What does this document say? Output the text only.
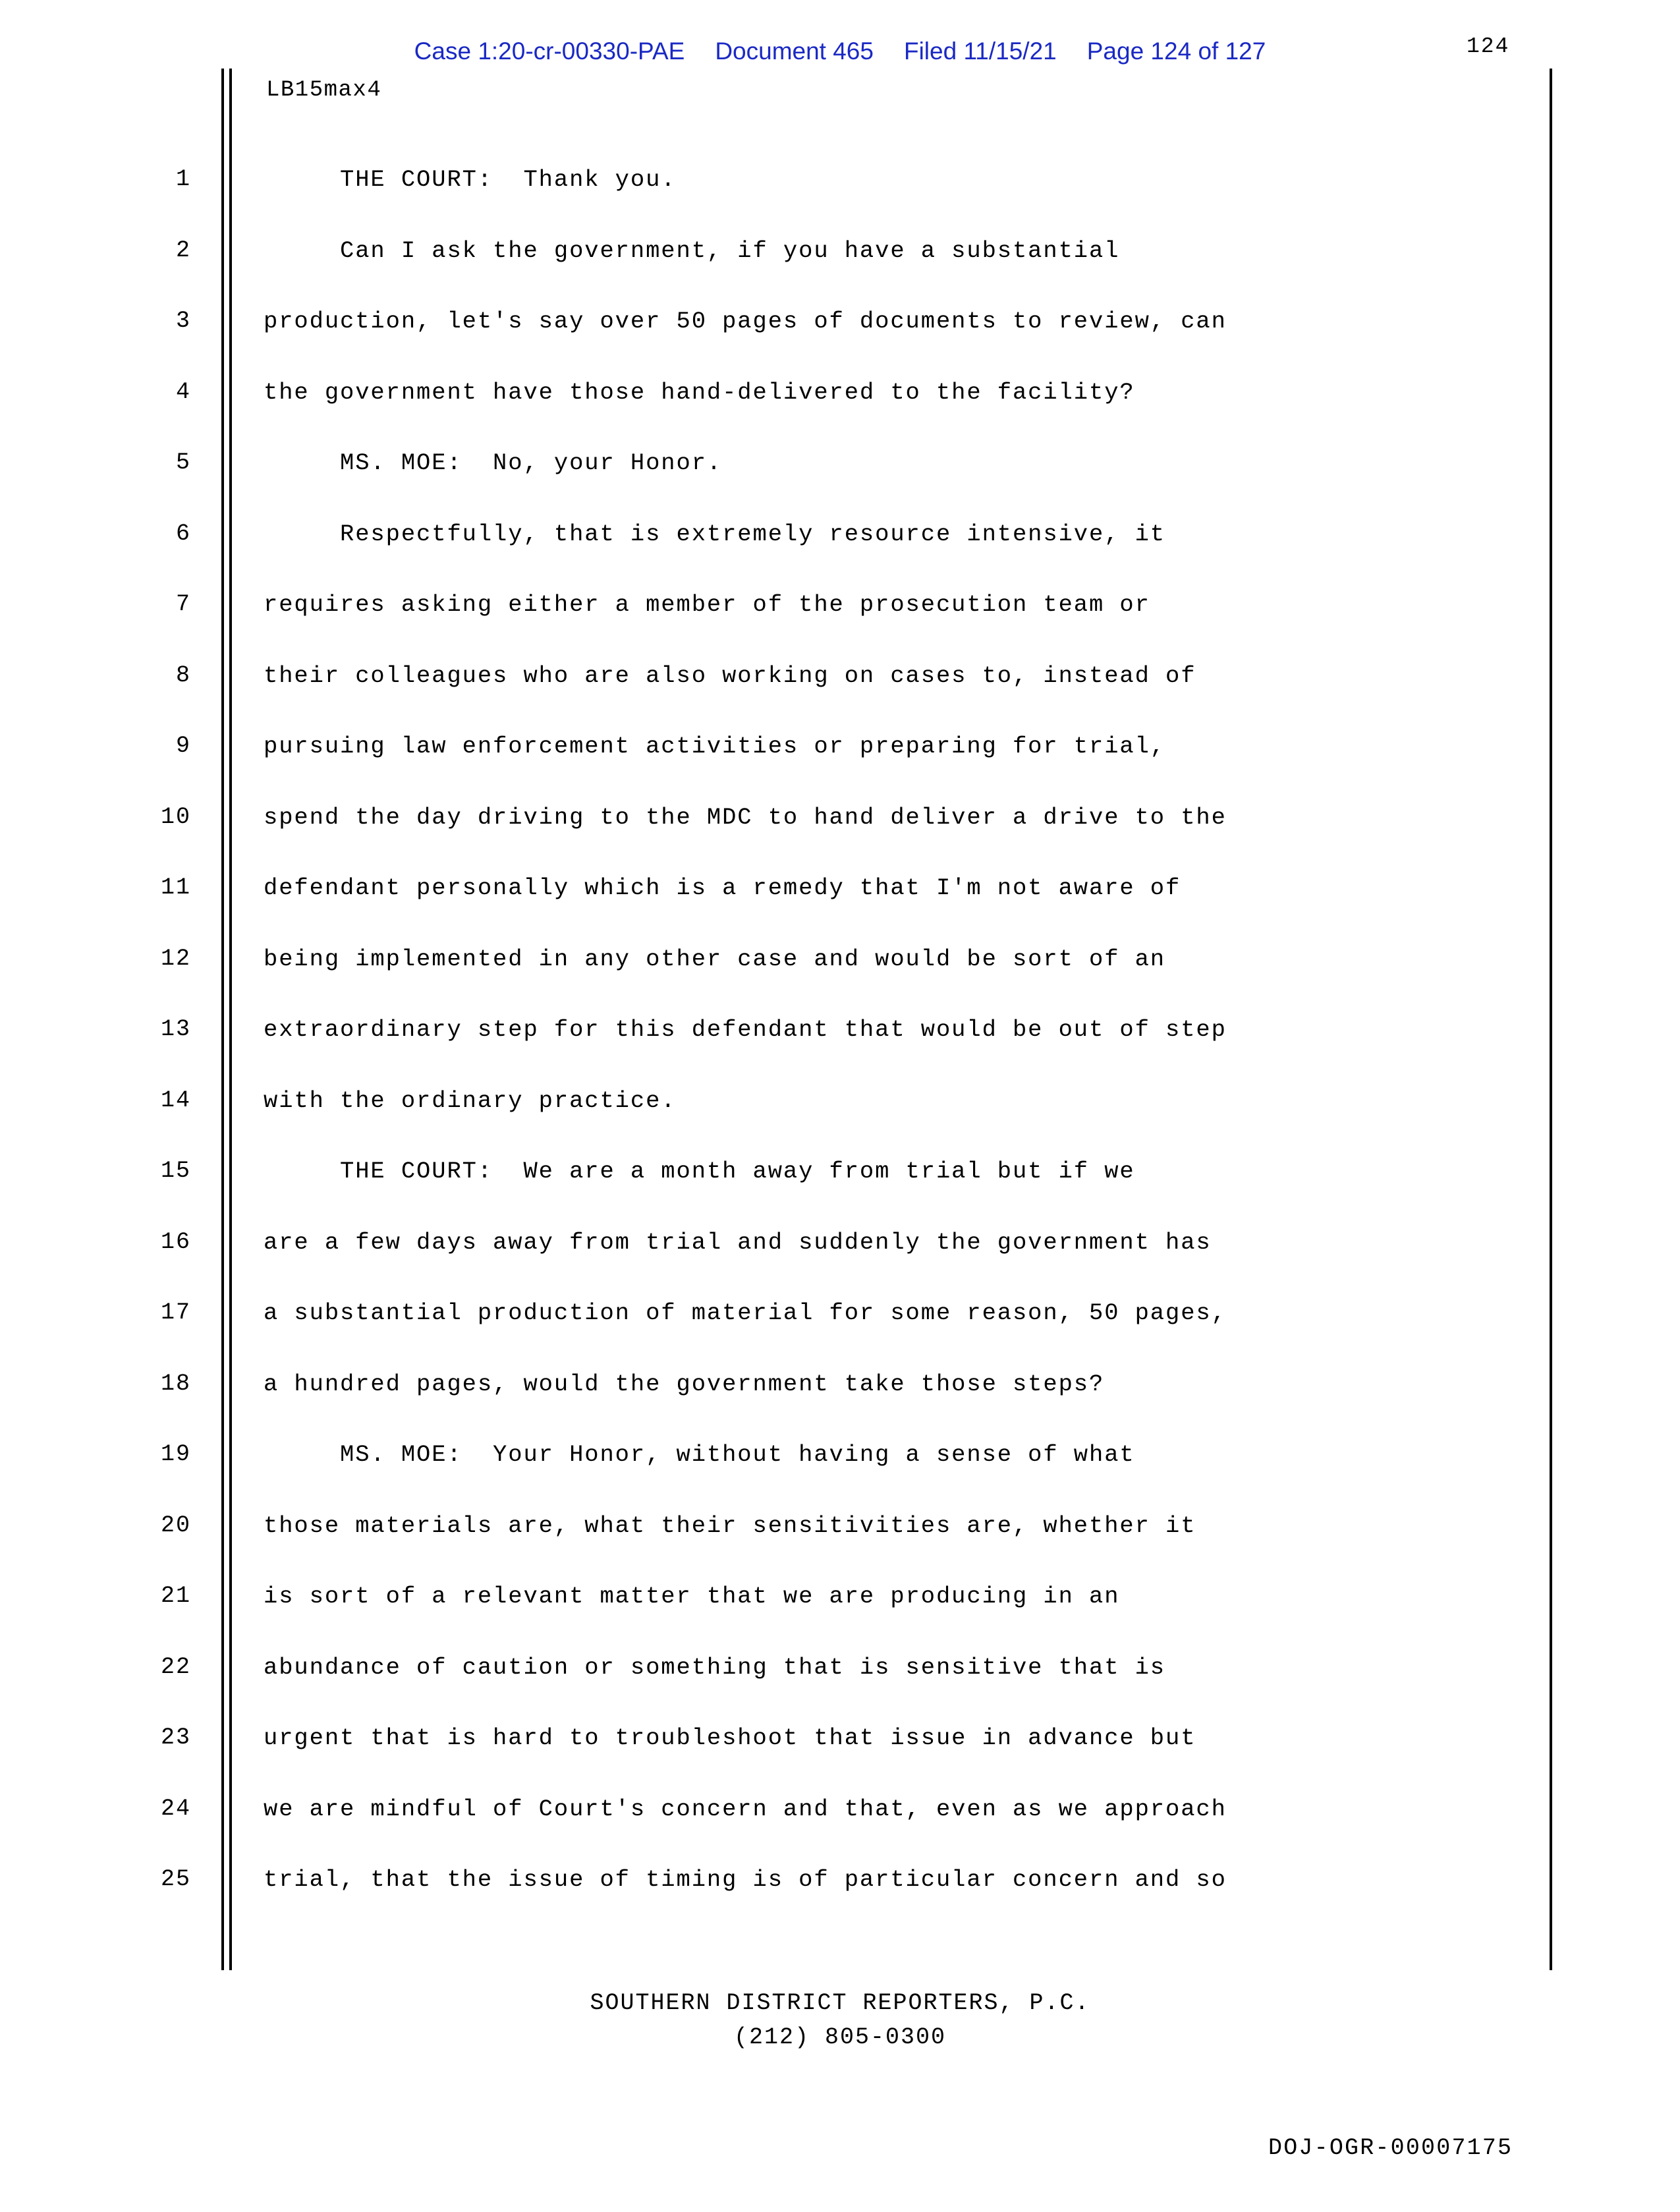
Case 1:20-cr-00330-PAE	Document 465	Filed 11/15/21	Page 124 of 127	124
LB15max4
1	THE COURT:  Thank you.
2	Can I ask the government, if you have a substantial
3	production, let's say over 50 pages of documents to review, can
4	the government have those hand-delivered to the facility?
5	MS. MOE:  No, your Honor.
6	Respectfully, that is extremely resource intensive, it
7	requires asking either a member of the prosecution team or
8	their colleagues who are also working on cases to, instead of
9	pursuing law enforcement activities or preparing for trial,
10	spend the day driving to the MDC to hand deliver a drive to the
11	defendant personally which is a remedy that I'm not aware of
12	being implemented in any other case and would be sort of an
13	extraordinary step for this defendant that would be out of step
14	with the ordinary practice.
15	THE COURT:  We are a month away from trial but if we
16	are a few days away from trial and suddenly the government has
17	a substantial production of material for some reason, 50 pages,
18	a hundred pages, would the government take those steps?
19	MS. MOE:  Your Honor, without having a sense of what
20	those materials are, what their sensitivities are, whether it
21	is sort of a relevant matter that we are producing in an
22	abundance of caution or something that is sensitive that is
23	urgent that is hard to troubleshoot that issue in advance but
24	we are mindful of Court's concern and that, even as we approach
25	trial, that the issue of timing is of particular concern and so
SOUTHERN DISTRICT REPORTERS, P.C.
(212) 805-0300
DOJ-OGR-00007175
